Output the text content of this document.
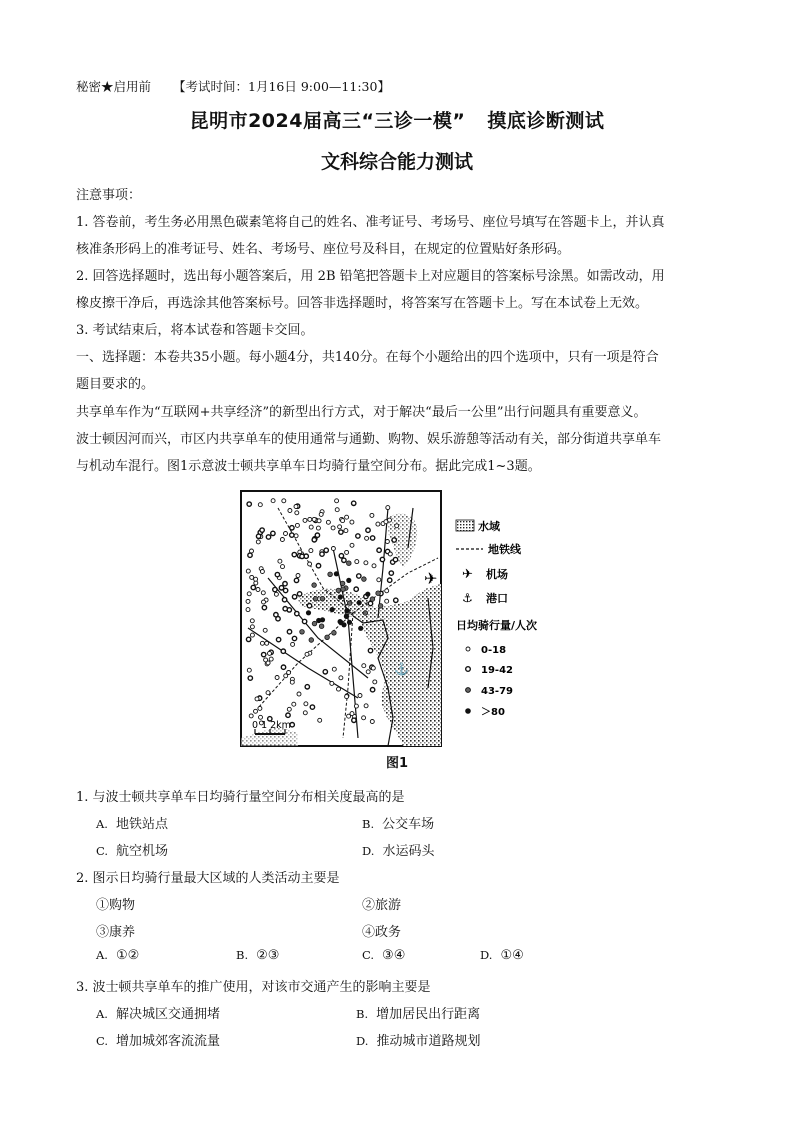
秘密★启用前 【考试时间：1月16日 9:00—11:30】
昆明市2024届高三“三诊一模” 摸底诊断测试
文科综合能力测试
注意事项：
1. 答卷前，考生务必用黑色碳素笔将自己的姓名、准考证号、考场号、座位号填写在答题卡上，并认真
核准条形码上的准考证号、姓名、考场号、座位号及科目，在规定的位置贴好条形码。
2. 回答选择题时，选出每小题答案后，用 2B 铅笔把答题卡上对应题目的答案标号涂黑。如需改动，用
橡皮擦干净后，再选涂其他答案标号。回答非选择题时，将答案写在答题卡上。写在本试卷上无效。
3. 考试结束后，将本试卷和答题卡交回。
一、选择题：本卷共35小题。每小题4分，共140分。在每个小题给出的四个选项中，只有一项是符合
题目要求的。
共享单车作为“互联网+共享经济”的新型出行方式，对于解决“最后一公里”出行问题具有重要意义。
波士顿因河而兴，市区内共享单车的使用通常与通勤、购物、娱乐游憩等活动有关，部分街道共享单车
与机动车混行。图1示意波士顿共享单车日均骑行量空间分布。据此完成1~3题。
✈
⚓
0 1 2km
水域
地铁线
✈ 机场
⚓ 港口
日均骑行量/人次
0-18
19-42
43-79
＞80
图1
1. 与波士顿共享单车日均骑行量空间分布相关度最高的是
A. 地铁站点	B. 公交车场
C. 航空机场	D. 水运码头
2. 图示日均骑行量最大区域的人类活动主要是
①购物	②旅游
③康养	④政务
A. ①②	B. ②③	C. ③④	D. ①④
3. 波士顿共享单车的推广使用，对该市交通产生的影响主要是
A. 解决城区交通拥堵	B. 增加居民出行距离
C. 增加城郊客流流量	D. 推动城市道路规划
